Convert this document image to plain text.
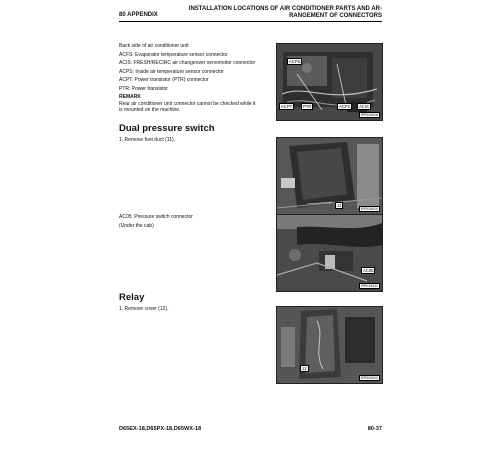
80 APPENDIX
INSTALLATION LOCATIONS OF AIR CONDITIONER PARTS AND AR-
RANGEMENT OF CONNECTORS
Back side of air conditioner unit
ACFS: Evaporator temperature sensor connector
ACIS: FRESH/RECIRC air changeover servomotor connector
ACPS: Inside air temperature sensor connector
ACPT: Power transistor (PTR) connector
PTR: Power transistor
REMARK
Rear air conditioner unit connector cannot be checked while it
is mounted on the machine.
ACPS
ACPT	PTR	ACFS	ACIS
RP019416
Dual pressure switch
1. Remove foot duct (11).
11
RP019410
AC05: Pressure switch connector
(Under the cab)
AC05
RP019411
Relay
1. Remove cover (12).
12
RP019412
D65EX-18,D65PX-18,D65WX-18	80-37
